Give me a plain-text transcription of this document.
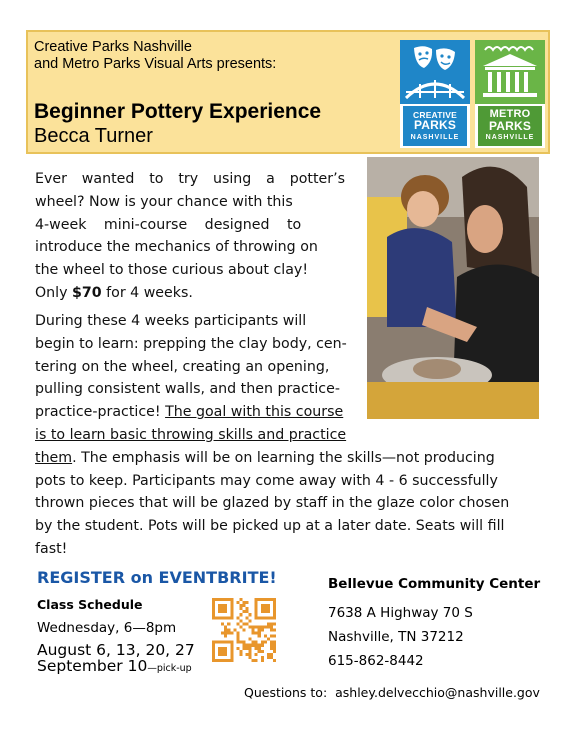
Creative Parks Nashville
and Metro Parks Visual Arts presents:
Beginner Pottery Experience
Becca Turner
CREATIVE
PARKS
NASHVILLE
METRO
PARKS
NASHVILLE
Ever wanted to try using a potter’s
wheel? Now is your chance with this
4-week mini-course designed to
introduce the mechanics of throwing on
the wheel to those curious about clay!
Only $70 for 4 weeks.
During these 4 weeks participants will
begin to learn: prepping the clay body, cen-
tering on the wheel, creating an opening,
pulling consistent walls, and then practice-
practice-practice! The goal with this course
is to learn basic throwing skills and practice
them. The emphasis will be on learning the skills—not producing
pots to keep. Participants may come away with 4 - 6 successfully
thrown pieces that will be glazed by staff in the glaze color chosen
by the student. Pots will be picked up at a later date. Seats will fill
fast!
REGISTER on EVENTBRITE!
Class Schedule
Wednesday, 6—8pm
August 6, 13, 20, 27
September 10—pick-up
Bellevue Community Center
7638 A Highway 70 S
Nashville, TN 37212
615-862-8442
Questions to:  ashley.delvecchio@nashville.gov
